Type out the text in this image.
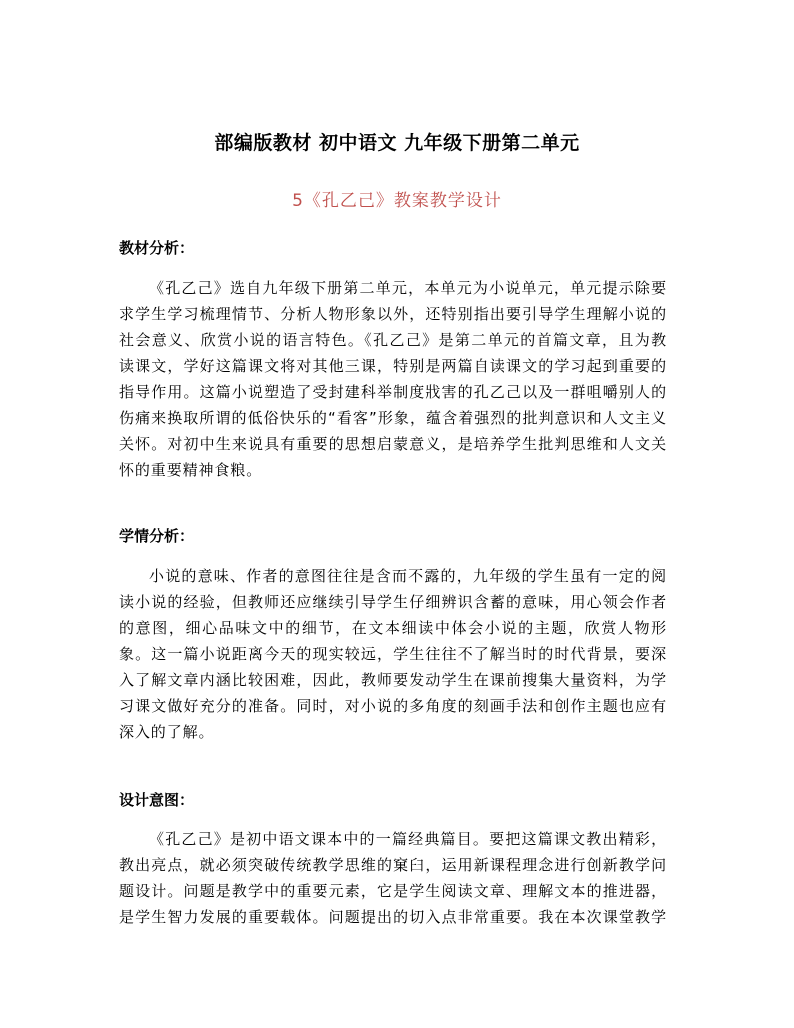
部编版教材 初中语文 九年级下册第二单元
5《孔乙己》教案教学设计
教材分析：
《孔乙己》选自九年级下册第二单元，本单元为小说单元，单元提示除要
求学生学习梳理情节、分析人物形象以外，还特别指出要引导学生理解小说的
社会意义、欣赏小说的语言特色。《孔乙己》是第二单元的首篇文章，且为教
读课文，学好这篇课文将对其他三课，特别是两篇自读课文的学习起到重要的
指导作用。这篇小说塑造了受封建科举制度戕害的孔乙己以及一群咀嚼别人的
伤痛来换取所谓的低俗快乐的“看客”形象，蕴含着强烈的批判意识和人文主义
关怀。对初中生来说具有重要的思想启蒙意义，是培养学生批判思维和人文关
怀的重要精神食粮。
学情分析：
小说的意味、作者的意图往往是含而不露的，九年级的学生虽有一定的阅
读小说的经验，但教师还应继续引导学生仔细辨识含蓄的意味，用心领会作者
的意图，细心品味文中的细节，在文本细读中体会小说的主题，欣赏人物形
象。这一篇小说距离今天的现实较远，学生往往不了解当时的时代背景，要深
入了解文章内涵比较困难，因此，教师要发动学生在课前搜集大量资料，为学
习课文做好充分的准备。同时，对小说的多角度的刻画手法和创作主题也应有
深入的了解。
设计意图：
《孔乙己》是初中语文课本中的一篇经典篇目。要把这篇课文教出精彩，
教出亮点，就必须突破传统教学思维的窠臼，运用新课程理念进行创新教学问
题设计。问题是教学中的重要元素，它是学生阅读文章、理解文本的推进器，
是学生智力发展的重要载体。问题提出的切入点非常重要。我在本次课堂教学
